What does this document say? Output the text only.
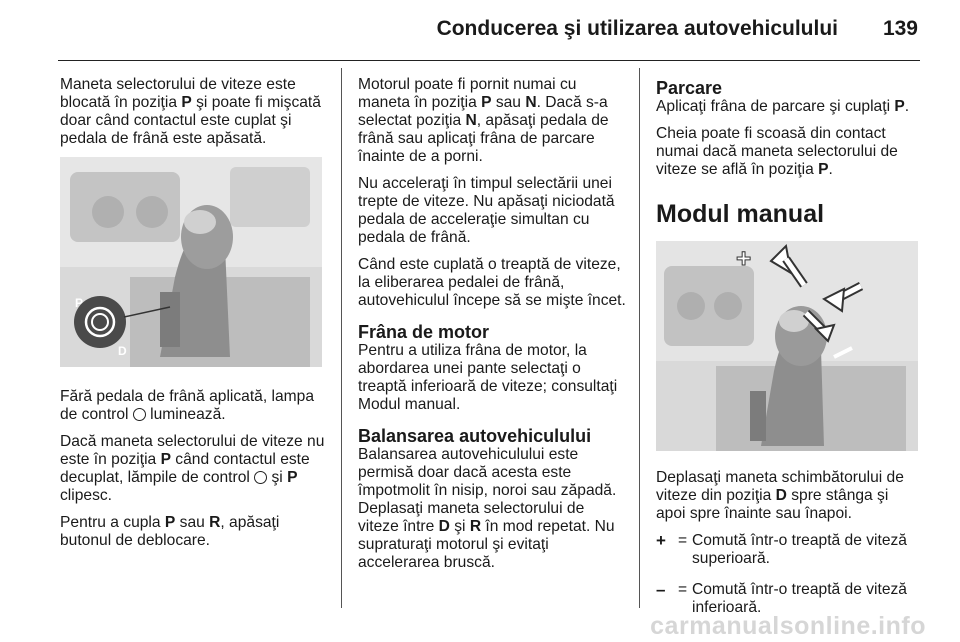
Conducerea şi utilizarea autovehiculului 139

Maneta selectorului de viteze este blocată în poziţia P şi poate fi mişcată doar când contactul este cuplat şi pedala de frână este apăsată.

P
D

Fără pedala de frână aplicată, lampa de control  luminează.

Dacă maneta selectorului de viteze nu este în poziţia P când contactul este decuplat, lămpile de control  şi P clipesc.

Pentru a cupla P sau R, apăsaţi butonul de deblocare.

Motorul poate fi pornit numai cu maneta în poziţia P sau N. Dacă s-a selectat poziţia N, apăsaţi pedala de frână sau aplicaţi frâna de parcare înainte de a porni.

Nu acceleraţi în timpul selectării unei trepte de viteze. Nu apăsaţi niciodată pedala de acceleraţie simultan cu pedala de frână.

Când este cuplată o treaptă de viteze, la eliberarea pedalei de frână, autovehiculul începe să se mişte încet.

Frâna de motor

Pentru a utiliza frâna de motor, la abordarea unei pante selectaţi o treaptă inferioară de viteze; consultaţi Modul manual.

Balansarea autovehiculului

Balansarea autovehiculului este permisă doar dacă acesta este împotmolit în nisip, noroi sau zăpadă. Deplasaţi maneta selectorului de viteze între D şi R în mod repetat. Nu supraturaţi motorul şi evitaţi accelerarea bruscă.

Parcare

Aplicaţi frâna de parcare şi cuplaţi P.

Cheia poate fi scoasă din contact numai dacă maneta selectorului de viteze se află în poziţia P.

Modul manual
+

Deplasaţi maneta schimbătorului de viteze din poziţia D spre stânga şi apoi spre înainte sau înapoi.

+ = Comută într-o treaptă de viteză superioară.
– = Comută într-o treaptă de viteză inferioară.
carmanualsonline.info
